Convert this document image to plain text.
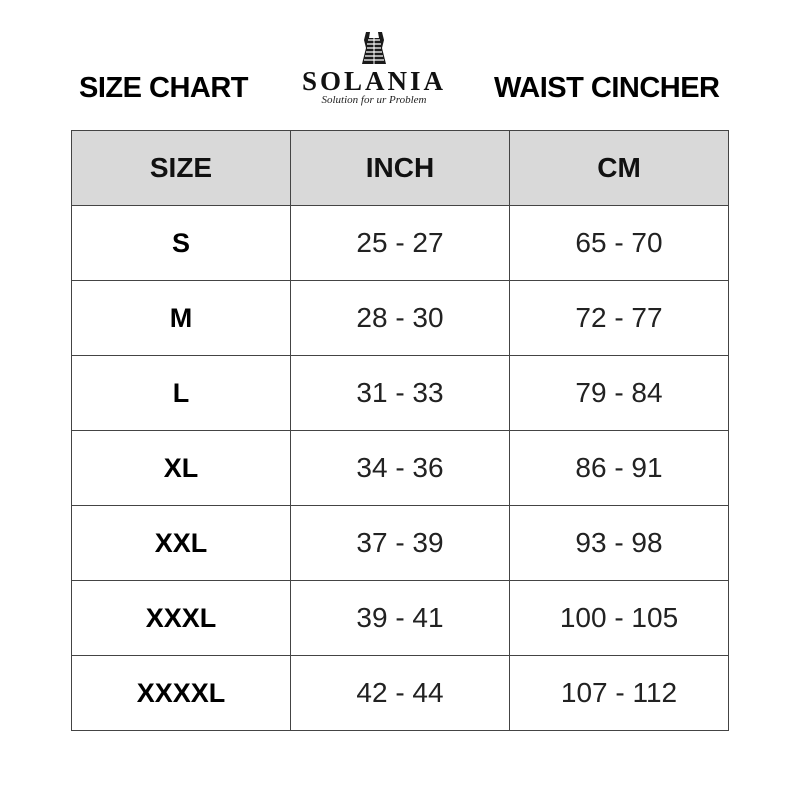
SIZE CHART	SOLANIA
Solution for ur Problem	WAIST CINCHER
SIZE	INCH	CM
S	25 - 27	65 - 70
M	28 - 30	72 - 77
L	31 - 33	79 - 84
XL	34 - 36	86 - 91
XXL	37 - 39	93 - 98
XXXL	39 - 41	100 - 105
XXXXL	42 - 44	107 - 112
